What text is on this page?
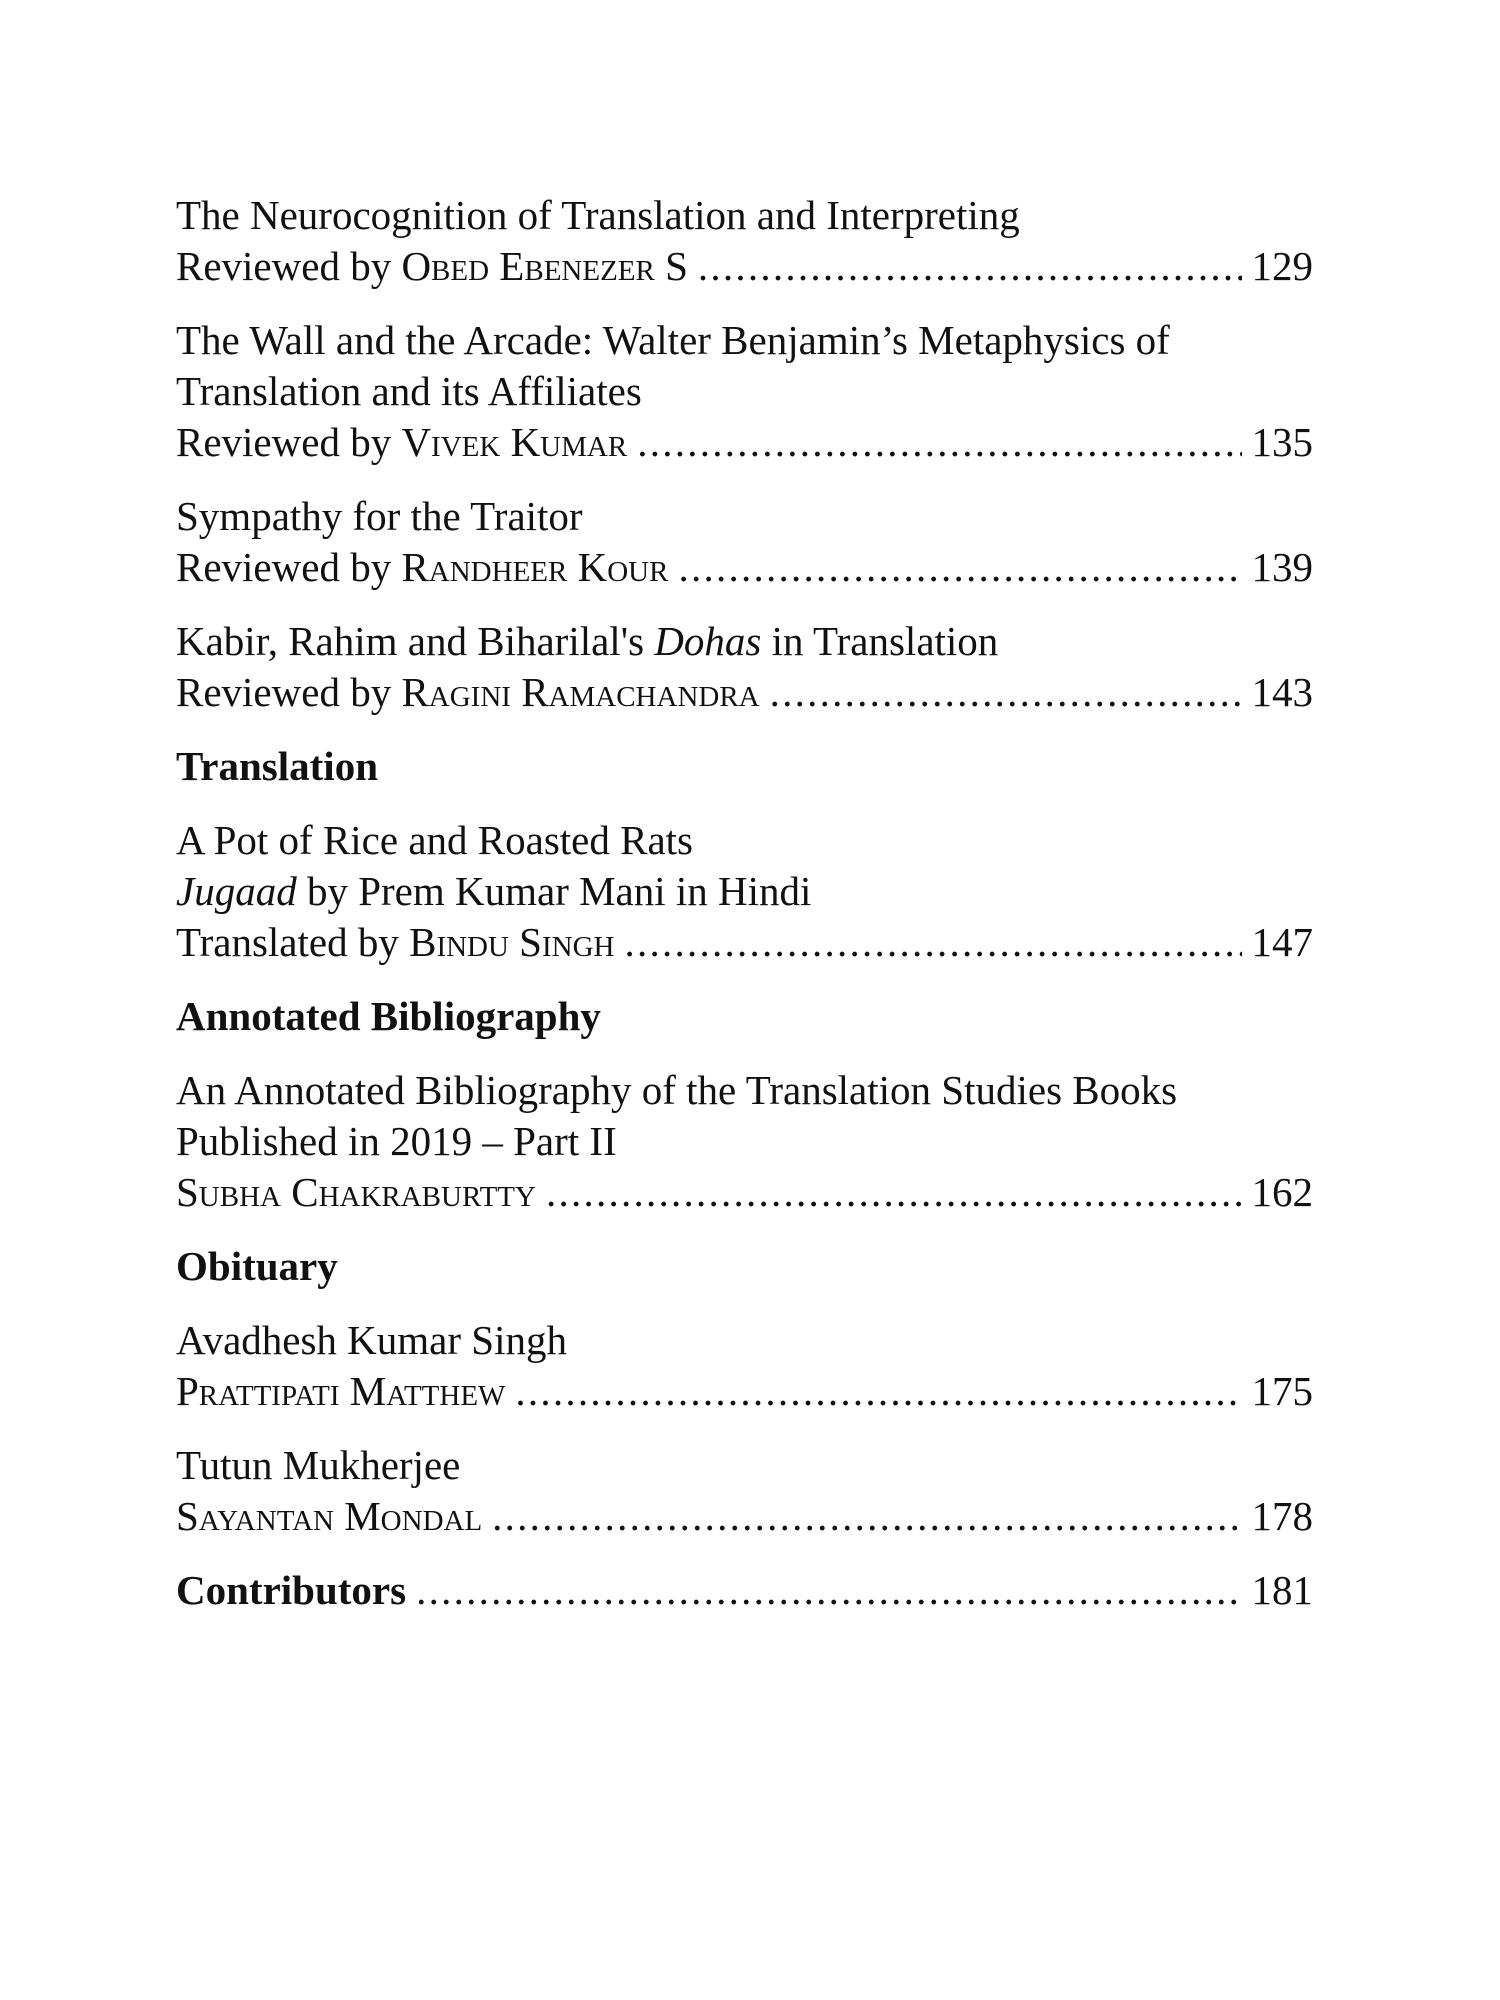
The Neurocognition of Translation and Interpreting
Reviewed by Obed Ebenezer S . . .	129
The Wall and the Arcade: Walter Benjamin’s Metaphysics of
Translation and its Affiliates
Reviewed by Vivek Kumar . . .	135
Sympathy for the Traitor
Reviewed by Randheer Kour . . .	139
Kabir, Rahim and Biharilal's Dohas in Translation
Reviewed by Ragini Ramachandra . . .	143
Translation
A Pot of Rice and Roasted Rats
Jugaad by Prem Kumar Mani in Hindi
Translated by Bindu Singh . . .	147
Annotated Bibliography
An Annotated Bibliography of the Translation Studies Books
Published in 2019 – Part II
Subha Chakraburtty . . .	162
Obituary
Avadhesh Kumar Singh
Prattipati Matthew . . .	175
Tutun Mukherjee
Sayantan Mondal . . .	178
Contributors . . .	181
